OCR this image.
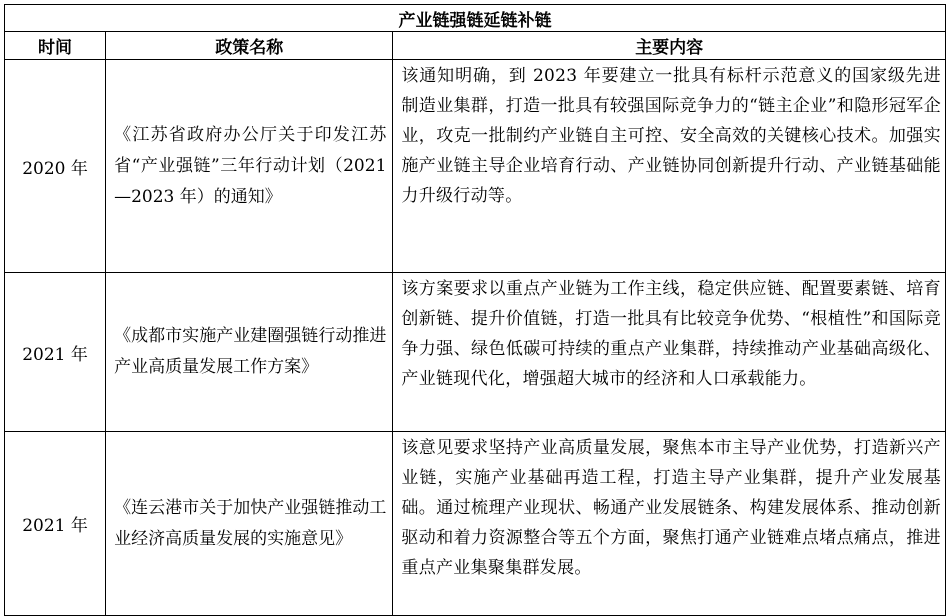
产业链强链延链补链		
时间	政策名称	主要内容
2020 年	《江苏省政府办公厅关于印发江苏省“产业强链”三年行动计划（2021—2023 年）的通知》	该通知明确，到 2023 年要建立一批具有标杆示范意义的国家级先进制造业集群，打造一批具有较强国际竞争力的“链主企业”和隐形冠军企业，攻克一批制约产业链自主可控、安全高效的关键核心技术。加强实施产业链主导企业培育行动、产业链协同创新提升行动、产业链基础能力升级行动等。
2021 年	《成都市实施产业建圈强链行动推进产业高质量发展工作方案》	该方案要求以重点产业链为工作主线，稳定供应链、配置要素链、培育创新链、提升价值链，打造一批具有比较竞争优势、“根植性”和国际竞争力强、绿色低碳可持续的重点产业集群，持续推动产业基础高级化、产业链现代化，增强超大城市的经济和人口承载能力。
2021 年	《连云港市关于加快产业强链推动工业经济高质量发展的实施意见》	该意见要求坚持产业高质量发展，聚焦本市主导产业优势，打造新兴产业链，实施产业基础再造工程，打造主导产业集群，提升产业发展基础。通过梳理产业现状、畅通产业发展链条、构建发展体系、推动创新驱动和着力资源整合等五个方面，聚焦打通产业链难点堵点痛点，推进重点产业集聚集群发展。
